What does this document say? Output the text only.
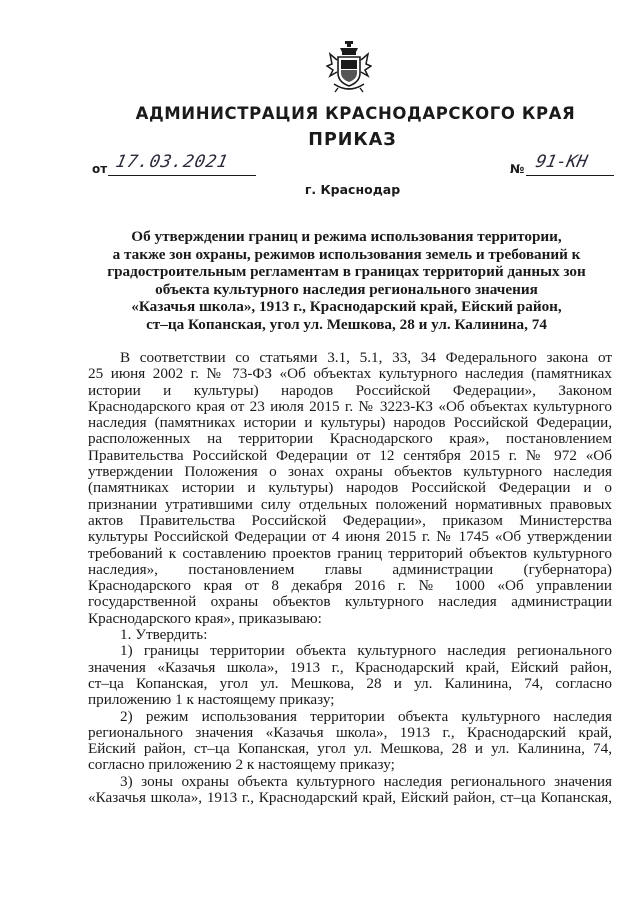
АДМИНИСТРАЦИЯ КРАСНОДАРСКОГО КРАЯ
ПРИКАЗ
от 17.03.2021	№ 91-КН
г. Краснодар
Об утверждении границ и режима использования территории,
а также зон охраны, режимов использования земель и требований к
градостроительным регламентам в границах территорий данных зон
объекта культурного наследия регионального значения
«Казачья школа», 1913 г., Краснодарский край, Ейский район,
ст–ца Копанская, угол ул. Мешкова, 28 и ул. Калинина, 74
В соответствии со статьями 3.1, 5.1, 33, 34 Федерального закона от
25 июня 2002 г. № 73-ФЗ «Об объектах культурного наследия (памятниках
истории и культуры) народов Российской Федерации», Законом
Краснодарского края от 23 июля 2015 г. № 3223-КЗ «Об объектах культурного
наследия (памятниках истории и культуры) народов Российской Федерации,
расположенных на территории Краснодарского края», постановлением
Правительства Российской Федерации от 12 сентября 2015 г. № 972 «Об
утверждении Положения о зонах охраны объектов культурного наследия
(памятниках истории и культуры) народов Российской Федерации и о
признании утратившими силу отдельных положений нормативных правовых
актов Правительства Российской Федерации», приказом Министерства
культуры Российской Федерации от 4 июня 2015 г. № 1745 «Об утверждении
требований к составлению проектов границ территорий объектов культурного
наследия», постановлением главы администрации (губернатора)
Краснодарского края от 8 декабря 2016 г. № 1000 «Об управлении
государственной охраны объектов культурного наследия администрации
Краснодарского края», приказываю:
1. Утвердить:
1) границы территории объекта культурного наследия регионального
значения «Казачья школа», 1913 г., Краснодарский край, Ейский район,
ст–ца Копанская, угол ул. Мешкова, 28 и ул. Калинина, 74, согласно
приложению 1 к настоящему приказу;
2) режим использования территории объекта культурного наследия
регионального значения «Казачья школа», 1913 г., Краснодарский край,
Ейский район, ст–ца Копанская, угол ул. Мешкова, 28 и ул. Калинина, 74,
согласно приложению 2 к настоящему приказу;
3) зоны охраны объекта культурного наследия регионального значения
«Казачья школа», 1913 г., Краснодарский край, Ейский район, ст–ца Копанская,
